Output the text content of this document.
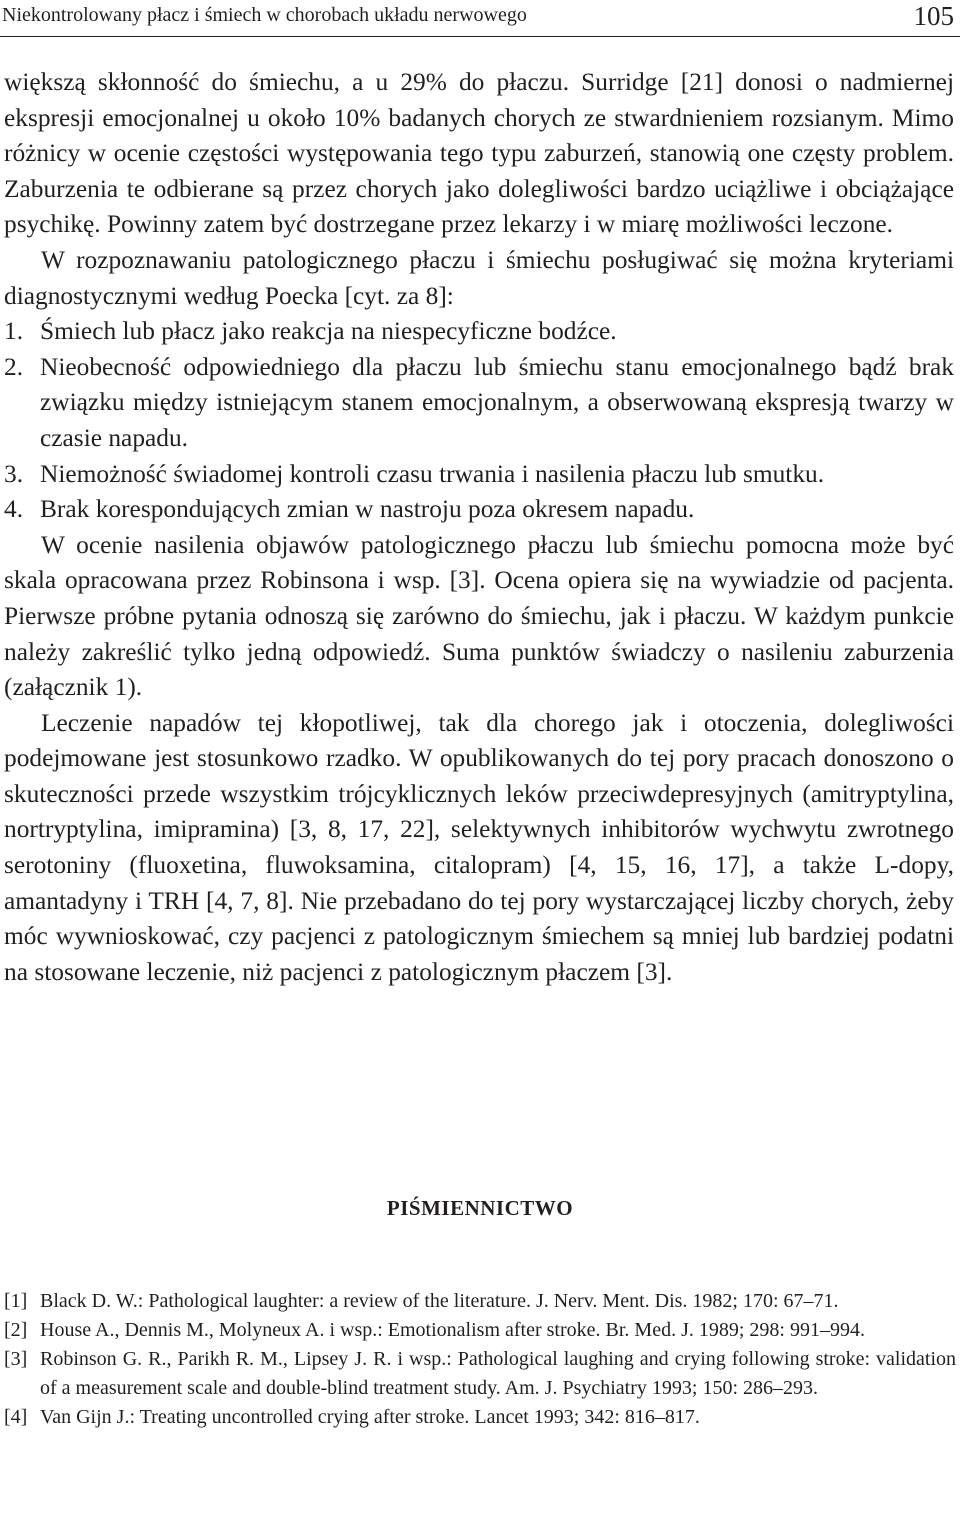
Niekontrolowany płacz i śmiech w chorobach układu nerwowego	105

większą skłonność do śmiechu, a u 29% do płaczu. Surridge [21] donosi o nadmiernej ekspresji emocjonalnej u około 10% badanych chorych ze stwardnieniem rozsianym. Mimo różnicy w ocenie częstości występowania tego typu zaburzeń, stanowią one częsty problem. Zaburzenia te odbierane są przez chorych jako dolegliwości bardzo uciążliwe i obciążające psychikę. Powinny zatem być dostrzegane przez lekarzy i w miarę możliwości leczone.

W rozpoznawaniu patologicznego płaczu i śmiechu posługiwać się można kryteriami diagnostycznymi według Poecka [cyt. za 8]:

1. Śmiech lub płacz jako reakcja na niespecyficzne bodźce.
2. Nieobecność odpowiedniego dla płaczu lub śmiechu stanu emocjonalnego bądź brak związku między istniejącym stanem emocjonalnym, a obserwowaną ekspresją twarzy w czasie napadu.
3. Niemożność świadomej kontroli czasu trwania i nasilenia płaczu lub smutku.
4. Brak korespondujących zmian w nastroju poza okresem napadu.

W ocenie nasilenia objawów patologicznego płaczu lub śmiechu pomocna może być skala opracowana przez Robinsona i wsp. [3]. Ocena opiera się na wywiadzie od pacjenta. Pierwsze próbne pytania odnoszą się zarówno do śmiechu, jak i płaczu. W każdym punkcie należy zakreślić tylko jedną odpowiedź. Suma punktów świadczy o nasileniu zaburzenia (załącznik 1).

Leczenie napadów tej kłopotliwej, tak dla chorego jak i otoczenia, dolegliwości podejmowane jest stosunkowo rzadko. W opublikowanych do tej pory pracach donoszono o skuteczności przede wszystkim trójcyklicznych leków przeciwdepresyjnych (amitryptylina, nortryptylina, imipramina) [3, 8, 17, 22], selektywnych inhibitorów wychwytu zwrotnego serotoniny (fluoxetina, fluwoksamina, citalopram) [4, 15, 16, 17], a także L-dopy, amantadyny i TRH [4, 7, 8]. Nie przebadano do tej pory wystarczającej liczby chorych, żeby móc wywnioskować, czy pacjenci z patologicznym śmiechem są mniej lub bardziej podatni na stosowane leczenie, niż pacjenci z patologicznym płaczem [3].

PIŚMIENNICTWO
[1] Black D. W.: Pathological laughter: a review of the literature. J. Nerv. Ment. Dis. 1982; 170: 67–71.
[2] House A., Dennis M., Molyneux A. i wsp.: Emotionalism after stroke. Br. Med. J. 1989; 298: 991–994.
[3] Robinson G. R., Parikh R. M., Lipsey J. R. i wsp.: Pathological laughing and crying following stroke: validation of a measurement scale and double-blind treatment study. Am. J. Psychiatry 1993; 150: 286–293.
[4] Van Gijn J.: Treating uncontrolled crying after stroke. Lancet 1993; 342: 816–817.
